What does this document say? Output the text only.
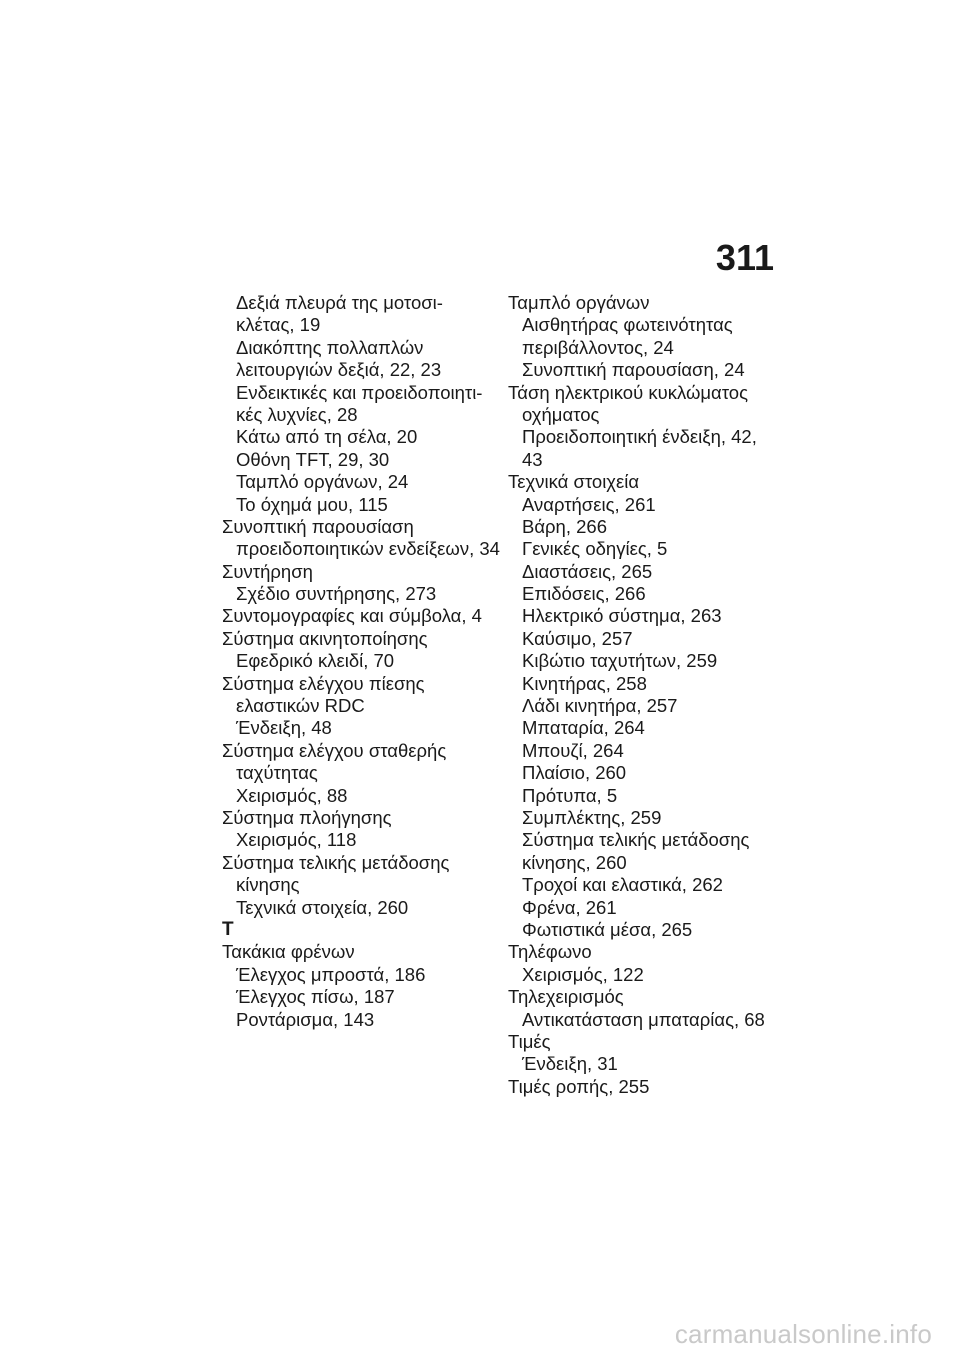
311
Δεξιά πλευρά της μοτοσι-
κλέτας, 19
Διακόπτης πολλαπλών
λειτουργιών δεξιά, 22, 23
Ενδεικτικές και προειδοποιητι-
κές λυχνίες, 28
Κάτω από τη σέλα, 20
Οθόνη TFT, 29, 30
Ταμπλό οργάνων, 24
Το όχημά μου, 115
Συνοπτική παρουσίαση
προειδοποιητικών ενδείξεων, 34
Συντήρηση
Σχέδιο συντήρησης, 273
Συντομογραφίες και σύμβολα, 4
Σύστημα ακινητοποίησης
Εφεδρικό κλειδί, 70
Σύστημα ελέγχου πίεσης
ελαστικών RDC
Ένδειξη, 48
Σύστημα ελέγχου σταθερής
ταχύτητας
Χειρισμός, 88
Σύστημα πλοήγησης
Χειρισμός, 118
Σύστημα τελικής μετάδοσης
κίνησης
Τεχνικά στοιχεία, 260
T
Τακάκια φρένων
Έλεγχος μπροστά, 186
Έλεγχος πίσω, 187
Ροντάρισμα, 143
Ταμπλό οργάνων
Αισθητήρας φωτεινότητας
περιβάλλοντος, 24
Συνοπτική παρουσίαση, 24
Τάση ηλεκτρικού κυκλώματος
οχήματος
Προειδοποιητική ένδειξη, 42,
43
Τεχνικά στοιχεία
Αναρτήσεις, 261
Βάρη, 266
Γενικές οδηγίες, 5
Διαστάσεις, 265
Επιδόσεις, 266
Ηλεκτρικό σύστημα, 263
Καύσιμο, 257
Κιβώτιο ταχυτήτων, 259
Κινητήρας, 258
Λάδι κινητήρα, 257
Μπαταρία, 264
Μπουζί, 264
Πλαίσιο, 260
Πρότυπα, 5
Συμπλέκτης, 259
Σύστημα τελικής μετάδοσης
κίνησης, 260
Τροχοί και ελαστικά, 262
Φρένα, 261
Φωτιστικά μέσα, 265
Τηλέφωνο
Χειρισμός, 122
Τηλεχειρισμός
Αντικατάσταση μπαταρίας, 68
Τιμές
Ένδειξη, 31
Τιμές ροπής, 255
carmanualsonline.info
